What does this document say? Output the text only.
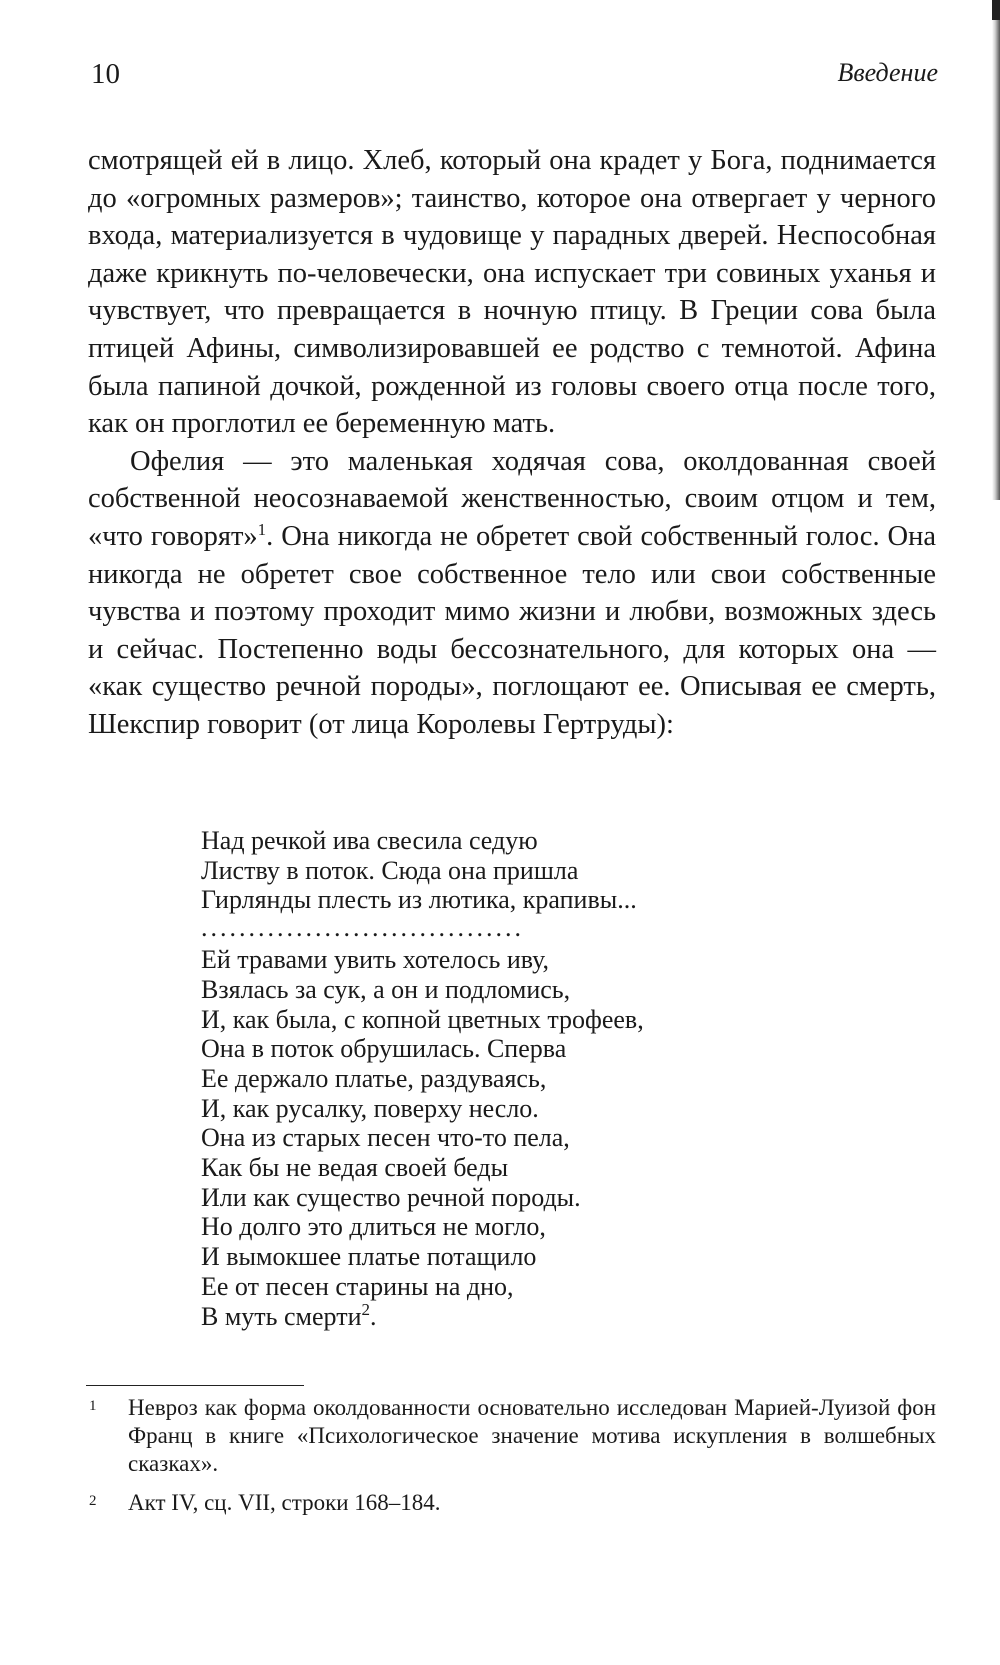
10	Введение

смотрящей ей в лицо. Хлеб, который она крадет у Бога, поднимается до «огромных размеров»; таинство, которое она отвергает у черного входа, материализуется в чудовище у парадных дверей. Неспособная даже крикнуть по-человечески, она испускает три совиных уханья и чувствует, что превращается в ночную птицу. В Греции сова была птицей Афины, символизировавшей ее родство с темнотой. Афина была папиной дочкой, рожденной из головы своего отца после того, как он проглотил ее беременную мать.

Офелия — это маленькая ходячая сова, околдованная своей собственной неосознаваемой женственностью, своим отцом и тем, «что говорят»$^1$. Она никогда не обретет свой собственный голос. Она никогда не обретет свое собственное тело или свои собственные чувства и поэтому проходит мимо жизни и любви, возможных здесь и сейчас. Постепенно воды бессознательного, для которых она — «как существо речной породы», поглощают ее. Описывая ее смерть, Шекспир говорит (от лица Королевы Гертруды):

Над речкой ива свесила седую
Листву в поток. Сюда она пришла
Гирлянды плесть из лютика, крапивы...
..................................
Ей травами увить хотелось иву,
Взялась за сук, а он и подломись,
И, как была, с копной цветных трофеев,
Она в поток обрушилась. Сперва
Ее держало платье, раздуваясь,
И, как русалку, поверху несло.
Она из старых песен что-то пела,
Как бы не ведая своей беды
Или как существо речной породы.
Но долго это длиться не могло,
И вымокшее платье потащило
Ее от песен старины на дно,
В муть смерти$^2$.
1 Невроз как форма околдованности основательно исследован Марией-Луизой фон Франц в книге «Психологическое значение мотива искупления в волшебных сказках».
2 Акт IV, сц. VII, строки 168–184.
